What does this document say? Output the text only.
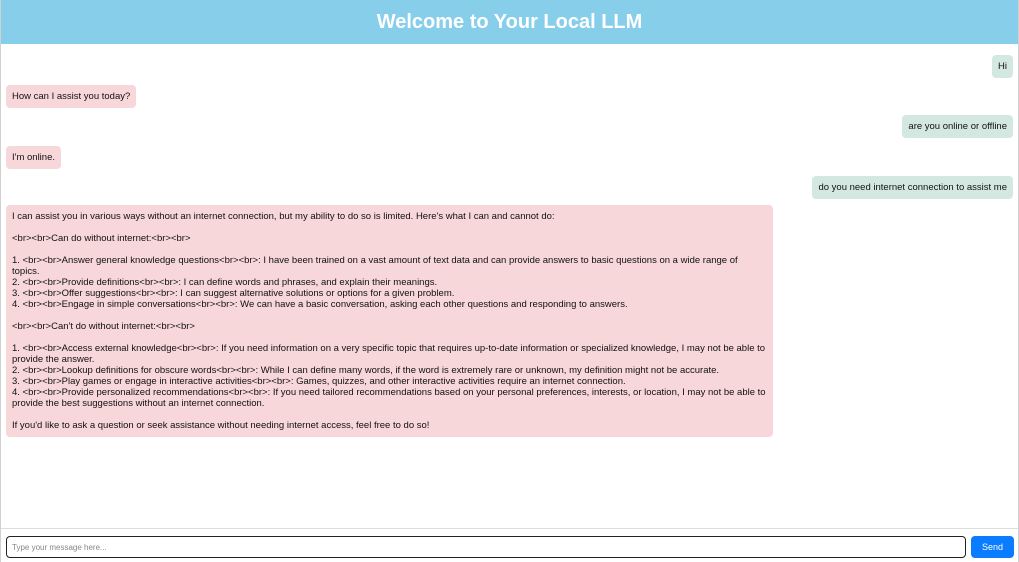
Welcome to Your Local LLM
Hi
How can I assist you today?
are you online or offline
I'm online.
do you need internet connection to assist me
I can assist you in various ways without an internet connection, but my ability to do so is limited. Here's what I can and cannot do:

<br><br>Can do without internet:<br><br>

1. <br><br>Answer general knowledge questions<br><br>: I have been trained on a vast amount of text data and can provide answers to basic questions on a wide range of topics.
2. <br><br>Provide definitions<br><br>: I can define words and phrases, and explain their meanings.
3. <br><br>Offer suggestions<br><br>: I can suggest alternative solutions or options for a given problem.
4. <br><br>Engage in simple conversations<br><br>: We can have a basic conversation, asking each other questions and responding to answers.

<br><br>Can't do without internet:<br><br>

1. <br><br>Access external knowledge<br><br>: If you need information on a very specific topic that requires up-to-date information or specialized knowledge, I may not be able to provide the answer.
2. <br><br>Lookup definitions for obscure words<br><br>: While I can define many words, if the word is extremely rare or unknown, my definition might not be accurate.
3. <br><br>Play games or engage in interactive activities<br><br>: Games, quizzes, and other interactive activities require an internet connection.
4. <br><br>Provide personalized recommendations<br><br>: If you need tailored recommendations based on your personal preferences, interests, or location, I may not be able to provide the best suggestions without an internet connection.

If you'd like to ask a question or seek assistance without needing internet access, feel free to do so!
Type your message here...
Send
